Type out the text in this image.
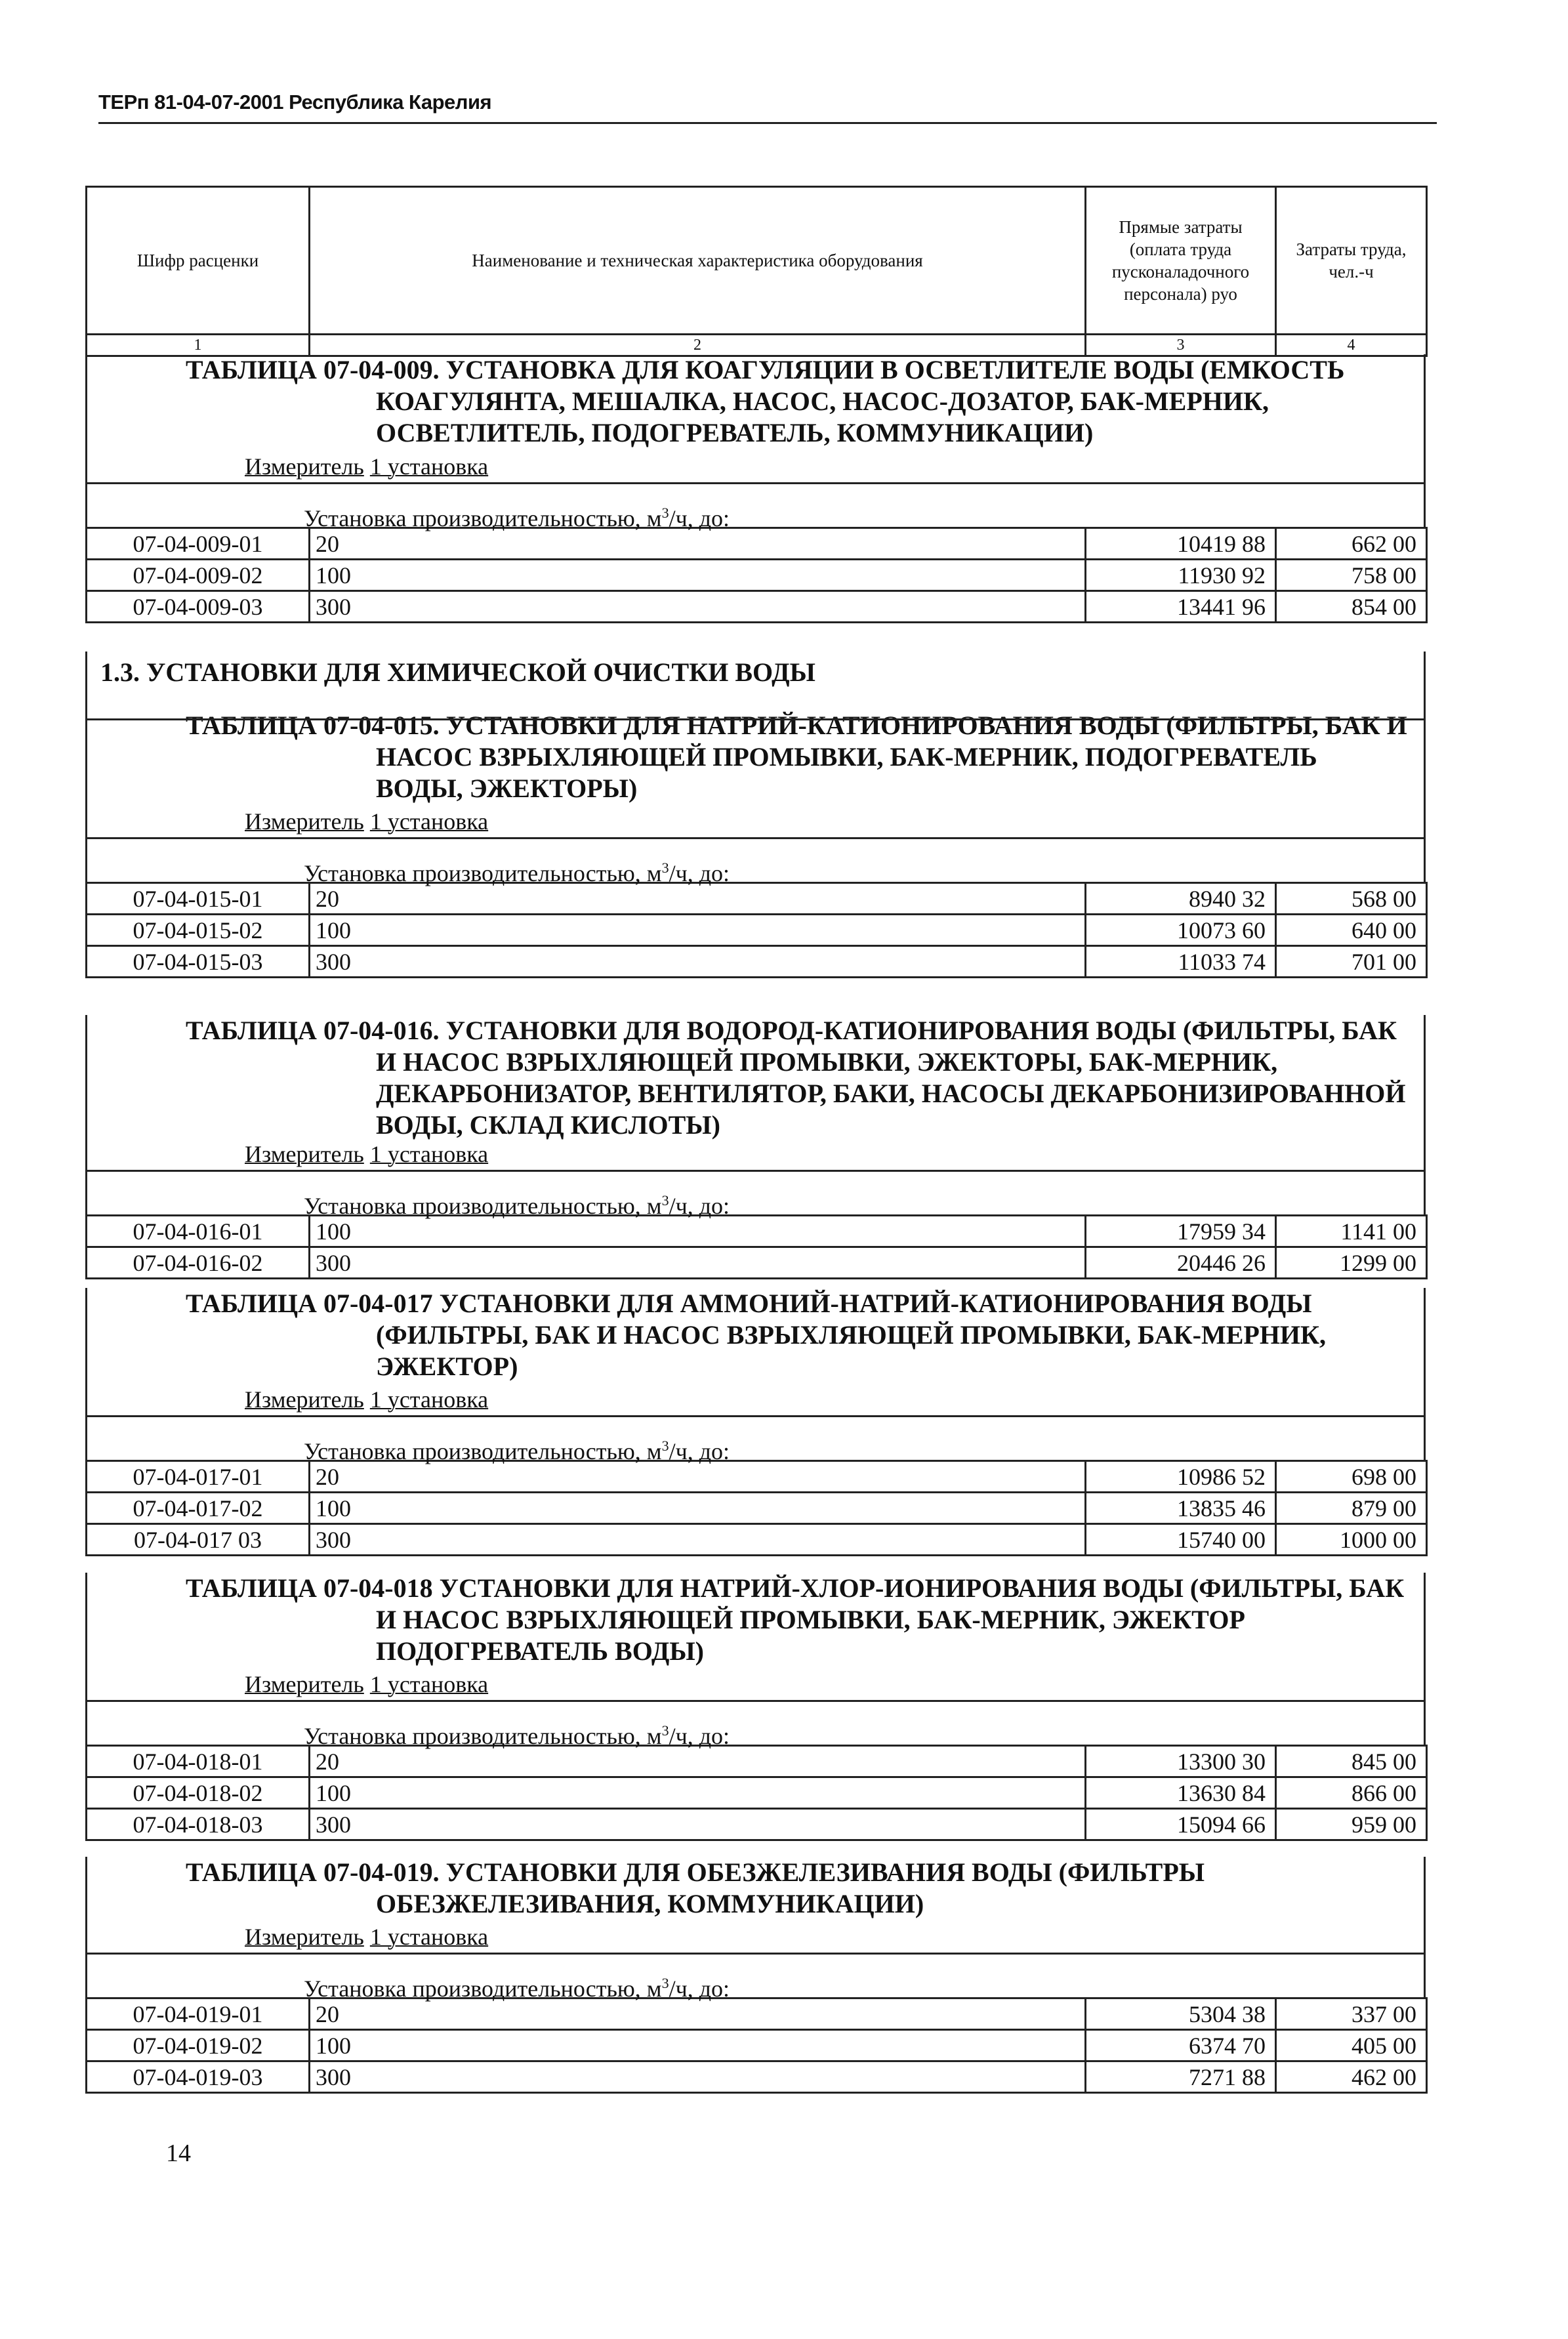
ТЕРп 81-04-07-2001 Республика Карелия
Шифр расценки	Наименование и техническая характеристика оборудования	Прямые затраты (оплата труда пусконаладочного персонала) руо	Затраты труда, чел.-ч
1	2	3	4
ТАБЛИЦА 07-04-009. УСТАНОВКА ДЛЯ КОАГУЛЯЦИИ В ОСВЕТЛИТЕЛЕ ВОДЫ (ЕМКОСТЬ КОАГУЛЯНТА, МЕШАЛКА, НАСОС, НАСОС-ДОЗАТОР, БАК-МЕРНИК, ОСВЕТЛИТЕЛЬ, ПОДОГРЕВАТЕЛЬ, КОММУНИКАЦИИ)
Измеритель 1 установка
Установка производительностью, $м^3/ч$, до:
07-04-009-01	20	10419 88	662 00
07-04-009-02	100	11930 92	758 00
07-04-009-03	300	13441 96	854 00
ТАБЛИЦА 07-04-015. УСТАНОВКИ ДЛЯ НАТРИЙ-КАТИОНИРОВАНИЯ ВОДЫ (ФИЛЬТРЫ, БАК И НАСОС ВЗРЫХЛЯЮЩЕЙ ПРОМЫВКИ, БАК-МЕРНИК, ПОДОГРЕВАТЕЛЬ ВОДЫ, ЭЖЕКТОРЫ)
Измеритель 1 установка
Установка производительностью, $м^3/ч$, до:
07-04-015-01	20	8940 32	568 00
07-04-015-02	100	10073 60	640 00
07-04-015-03	300	11033 74	701 00
ТАБЛИЦА 07-04-016. УСТАНОВКИ ДЛЯ ВОДОРОД-КАТИОНИРОВАНИЯ ВОДЫ (ФИЛЬТРЫ, БАК И НАСОС ВЗРЫХЛЯЮЩЕЙ ПРОМЫВКИ, ЭЖЕКТОРЫ, БАК-МЕРНИК, ДЕКАРБОНИЗАТОР, ВЕНТИЛЯТОР, БАКИ, НАСОСЫ ДЕКАРБОНИЗИРОВАННОЙ ВОДЫ, СКЛАД КИСЛОТЫ)
Измеритель 1 установка
Установка производительностью, $м^3/ч$, до:
07-04-016-01	100	17959 34	1141 00
07-04-016-02	300	20446 26	1299 00
ТАБЛИЦА 07-04-017 УСТАНОВКИ ДЛЯ АММОНИЙ-НАТРИЙ-КАТИОНИРОВАНИЯ ВОДЫ (ФИЛЬТРЫ, БАК И НАСОС ВЗРЫХЛЯЮЩЕЙ ПРОМЫВКИ, БАК-МЕРНИК, ЭЖЕКТОР)
Измеритель 1 установка
Установка производительностью, $м^3/ч$, до:
07-04-017-01	20	10986 52	698 00
07-04-017-02	100	13835 46	879 00
07-04-017 03	300	15740 00	1000 00
ТАБЛИЦА 07-04-018 УСТАНОВКИ ДЛЯ НАТРИЙ-ХЛОР-ИОНИРОВАНИЯ ВОДЫ (ФИЛЬТРЫ, БАК И НАСОС ВЗРЫХЛЯЮЩЕЙ ПРОМЫВКИ, БАК-МЕРНИК, ЭЖЕКТОР ПОДОГРЕВАТЕЛЬ ВОДЫ)
Измеритель 1 установка
Установка производительностью, $м^3/ч$, до:
07-04-018-01	20	13300 30	845 00
07-04-018-02	100	13630 84	866 00
07-04-018-03	300	15094 66	959 00
ТАБЛИЦА 07-04-019. УСТАНОВКИ ДЛЯ ОБЕЗЖЕЛЕЗИВАНИЯ ВОДЫ (ФИЛЬТРЫ ОБЕЗЖЕЛЕЗИВАНИЯ, КОММУНИКАЦИИ)
Измеритель 1 установка
Установка производительностью, $м^3/ч$, до:
07-04-019-01	20	5304 38	337 00
07-04-019-02	100	6374 70	405 00
07-04-019-03	300	7271 88	462 00
1.3. УСТАНОВКИ ДЛЯ ХИМИЧЕСКОЙ ОЧИСТКИ ВОДЫ
14
